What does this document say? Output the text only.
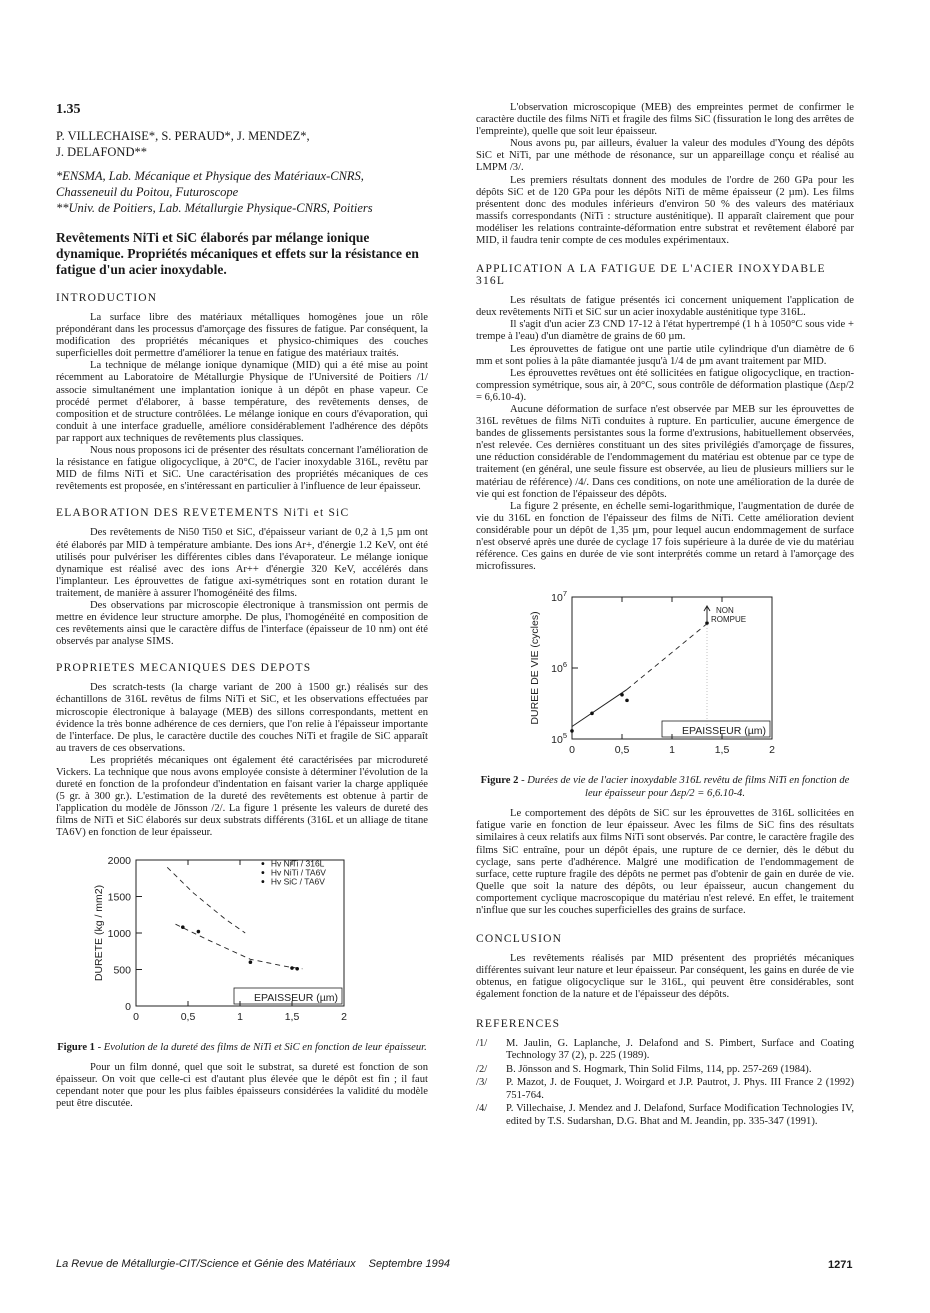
1.35
P. VILLECHAISE*, S. PERAUD*, J. MENDEZ*,
J. DELAFOND**
*ENSMA, Lab. Mécanique et Physique des Matériaux-CNRS, Chasseneuil du Poitou, Futuroscope
**Univ. de Poitiers, Lab. Métallurgie Physique-CNRS, Poitiers
Revêtements NiTi et SiC élaborés par mélange ionique dynamique. Propriétés mécaniques et effets sur la résistance en fatigue d'un acier inoxydable.
INTRODUCTION

La surface libre des matériaux métalliques homogènes joue un rôle prépondérant dans les processus d'amorçage des fissures de fatigue. Par conséquent, la modification des propriétés mécaniques et physico-chimiques des couches superficielles doit permettre d'améliorer la tenue en fatigue des matériaux traités.

La technique de mélange ionique dynamique (MID) qui a été mise au point récemment au Laboratoire de Métallurgie Physique de l'Université de Poitiers /1/ associe simultanément une implantation ionique à un dépôt en phase vapeur. Ce procédé permet d'élaborer, à basse température, des revêtements denses, de composition et de structure contrôlées. Le mélange ionique en cours d'évaporation, qui conduit à une interface graduelle, améliore considérablement l'adhérence des dépôts par rapport aux techniques de revêtements plus classiques.

Nous nous proposons ici de présenter des résultats concernant l'amélioration de la résistance en fatigue oligocyclique, à 20°C, de l'acier inoxydable 316L, revêtu par MID de films NiTi et SiC. Une caractérisation des propriétés mécaniques de ces revêtements est proposée, en s'intéressant en particulier à l'influence de leur épaisseur.

ELABORATION DES REVETEMENTS NiTi et SiC

Des revêtements de Ni50 Ti50 et SiC, d'épaisseur variant de 0,2 à 1,5 µm ont été élaborés par MID à température ambiante. Des ions Ar+, d'énergie 1.2 KeV, ont été utilisés pour pulvériser les différentes cibles dans l'évaporateur. Le mélange ionique dynamique est réalisé avec des ions Ar++ d'énergie 320 KeV, accélérés dans l'implanteur. Les éprouvettes de fatigue axi-symétriques sont en rotation durant le traitement, de manière à assurer l'homogénéité des films.

Des observations par microscopie électronique à transmission ont permis de mettre en évidence leur structure amorphe. De plus, l'homogénéité en composition de ces revêtements ainsi que le caractère diffus de l'interface (épaisseur de 10 nm) ont été observés par analyse SIMS.

PROPRIETES MECANIQUES DES DEPOTS

Des scratch-tests (la charge variant de 200 à 1500 gr.) réalisés sur des échantillons de 316L revêtus de films NiTi et SiC, et les observations effectuées par microscopie électronique à balayage (MEB) des sillons correspondants, mettent en évidence la très bonne adhérence de ces derniers, que l'on relie à l'épaisseur importante de l'interface. De plus, le caractère ductile des couches NiTi et fragile de SiC apparaît au travers de ces observations.

Les propriétés mécaniques ont également été caractérisées par microdureté Vickers. La technique que nous avons employée consiste à déterminer l'évolution de la dureté en fonction de la profondeur d'indentation en faisant varier la charge appliquée (5 gr. à 300 gr.). L'estimation de la dureté des revêtements est obtenue à partir de l'application du modèle de Jönsson /2/. La figure 1 présente les valeurs de dureté des films de NiTi et SiC élaborés sur deux substrats différents (316L et un alliage de titane TA6V) en fonction de leur épaisseur.

0	0,5	1	1,5	2
0
500
1000
1500
2000
EPAISSEUR (µm)
DURETE (kg / mm2)
Hv NiTi / 316L
Hv NiTi / TA6V
Hv SiC / TA6V
Figure 1 - Evolution de la dureté des films de NiTi et SiC en fonction de leur épaisseur.

Pour un film donné, quel que soit le substrat, sa dureté est fonction de son épaisseur. On voit que celle-ci est d'autant plus élevée que le dépôt est fin ; il faut cependant noter que pour les plus faibles épaisseurs considérées la validité du modèle peut être discutée.

L'observation microscopique (MEB) des empreintes permet de confirmer le caractère ductile des films NiTi et fragile des films SiC (fissuration le long des arrêtes de l'empreinte), quelle que soit leur épaisseur.

Nous avons pu, par ailleurs, évaluer la valeur des modules d'Young des dépôts SiC et NiTi, par une méthode de résonance, sur un appareillage conçu et réalisé au LMPM /3/.

Les premiers résultats donnent des modules de l'ordre de 260 GPa pour les dépôts SiC et de 120 GPa pour les dépôts NiTi de même épaisseur (2 µm). Les films présentent donc des modules inférieurs d'environ 50 % des valeurs des matériaux massifs correspondants (NiTi : structure austénitique). Il apparaît clairement que pour modéliser les relations contrainte-déformation entre substrat et revêtement élaboré par MID, il faudra tenir compte de ces modules expérimentaux.

APPLICATION A LA FATIGUE DE L'ACIER INOXYDABLE 316L

Les résultats de fatigue présentés ici concernent uniquement l'application de deux revêtements NiTi et SiC sur un acier inoxydable austénitique type 316L.

Il s'agit d'un acier Z3 CND 17-12 à l'état hypertrempé (1 h à 1050°C sous vide + trempe à l'eau) d'un diamètre de grains de 60 µm.

Les éprouvettes de fatigue ont une partie utile cylindrique d'un diamètre de 6 mm et sont polies à la pâte diamantée jusqu'à 1/4 de µm avant traitement par MID.

Les éprouvettes revêtues ont été sollicitées en fatigue oligocyclique, en traction-compression symétrique, sous air, à 20°C, sous contrôle de déformation plastique (Δεp/2 = 6,6.10-4).

Aucune déformation de surface n'est observée par MEB sur les éprouvettes de 316L revêtues de films NiTi conduites à rupture. En particulier, aucune émergence de bandes de glissements persistantes sous la forme d'extrusions, habituellement observées, n'est relevée. Ces dernières constituant un des sites privilégiés d'amorçage de fissures, une réduction considérable de l'endommagement du matériau est obtenue par ce type de traitement (en général, une seule fissure est observée, au lieu de plusieurs milliers sur le matériau de référence) /4/. Dans ces conditions, on note une amélioration de la durée de vie qui est fonction de l'épaisseur des dépôts.

La figure 2 présente, en échelle semi-logarithmique, l'augmentation de durée de vie du 316L en fonction de l'épaisseur des films de NiTi. Cette amélioration devient considérable pour un dépôt de 1,35 µm, pour lequel aucun endommagement de surface n'est observé après une durée de cyclage 17 fois supérieure à la durée de vie du matériau référence. Ces gains en durée de vie sont interprétés comme un retard à l'amorçage des microfissures.

0	0,5	1	1,5	2
$10^5$
$10^6$
$10^7$
EPAISSEUR (µm)
DUREE DE VIE (cycles)
NON
ROMPUE
Figure 2 - Durées de vie de l'acier inoxydable 316L revêtu de films NiTi en fonction de leur épaisseur pour Δεp/2 = 6,6.10-4.

Le comportement des dépôts de SiC sur les éprouvettes de 316L sollicitées en fatigue varie en fonction de leur épaisseur. Avec les films de SiC fins des résultats similaires à ceux relatifs aux films NiTi sont observés. Par contre, le caractère fragile des films SiC entraîne, pour un dépôt épais, une rupture de ce dernier, dès le début du cyclage, sans perte d'adhérence. Malgré une modification de l'endommagement de surface, cette rupture fragile des dépôts ne permet pas d'obtenir de gain en durée de vie. Quelle que soit la nature des dépôts, ou leur épaisseur, aucun changement du comportement cyclique macroscopique du matériau n'est relevé. En effet, le traitement n'influe que sur les couches superficielles des grains de surface.

CONCLUSION

Les revêtements réalisés par MID présentent des propriétés mécaniques différentes suivant leur nature et leur épaisseur. Par conséquent, les gains en durée de vie obtenus, en fatigue oligocyclique sur le 316L, qui peuvent être considérables, sont également fonction de la nature et de l'épaisseur des dépôts.

REFERENCES
/1/	M. Jaulin, G. Laplanche, J. Delafond and S. Pimbert, Surface and Coating Technology 37 (2), p. 225 (1989).
/2/	B. Jönsson and S. Hogmark, Thin Solid Films, 114, pp. 257-269 (1984).
/3/	P. Mazot, J. de Fouquet, J. Woirgard et J.P. Pautrot, J. Phys. III France 2 (1992) 751-764.
/4/	P. Villechaise, J. Mendez and J. Delafond, Surface Modification Technologies IV, edited by T.S. Sudarshan, D.G. Bhat and M. Jeandin, pp. 335-347 (1991).
La Revue de Métallurgie-CIT/Science et Génie des Matériaux Septembre 1994	1271
